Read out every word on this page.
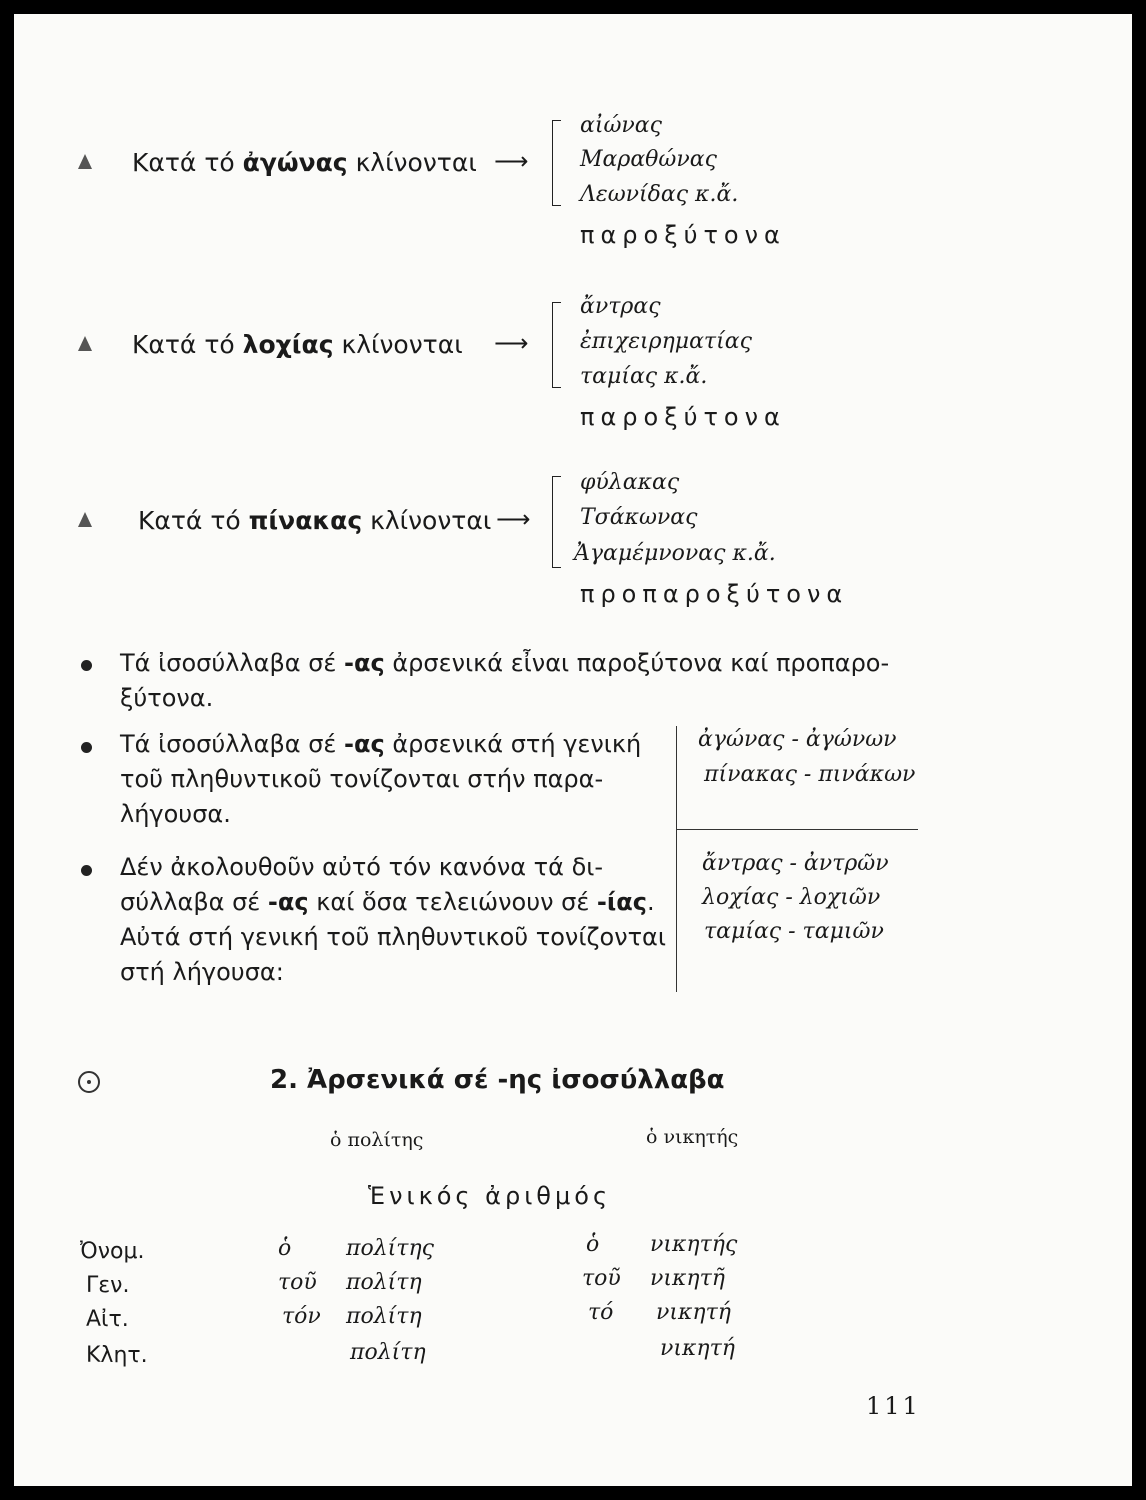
Κατά τό ἀγώνας κλίνονται ⟶
αἰώνας
Μαραθώνας
Λεωνίδας κ.ἄ.
παροξύτονα
Κατά τό λοχίας κλίνονται ⟶
ἄντρας
ἐπιχειρηματίας
ταμίας κ.ἄ.
παροξύτονα
Κατά τό πίνακας κλίνονται ⟶
φύλακας
Τσάκωνας
Ἀγαμέμνονας κ.ἄ.
προπαροξύτονα
Τά ἰσοσύλλαβα σέ -ας ἀρσενικά εἶναι παροξύτονα καί προπαρο-ξύτονα.
Τά ἰσοσύλλαβα σέ -ας ἀρσενικά στή γενική τοῦ πληθυντικοῦ τονίζονται στήν παρα-λήγουσα.
ἀγώνας - ἀγώνων
πίνακας - πινάκων
Δέν ἀκολουθοῦν αὐτό τόν κανόνα τά δι-σύλλαβα σέ -ας καί ὅσα τελειώνουν σέ -ίας. Αὐτά στή γενική τοῦ πληθυντικοῦ τονίζονται στή λήγουσα:
ἄντρας - ἀντρῶν
λοχίας - λοχιῶν
ταμίας - ταμιῶν
2. Ἀρσενικά σέ -ης ἰσοσύλλαβα
ὁ πολίτης	ὁ νικητής
Ἑνικός ἀριθμός
Ὀνομ.
Γεν.
Αἰτ.
Κλητ.
ὁ
τοῦ
τόν
πολίτης
πολίτη
πολίτη
πολίτη
ὁ
τοῦ
τό
νικητής
νικητῆ
νικητή
νικητή
111
